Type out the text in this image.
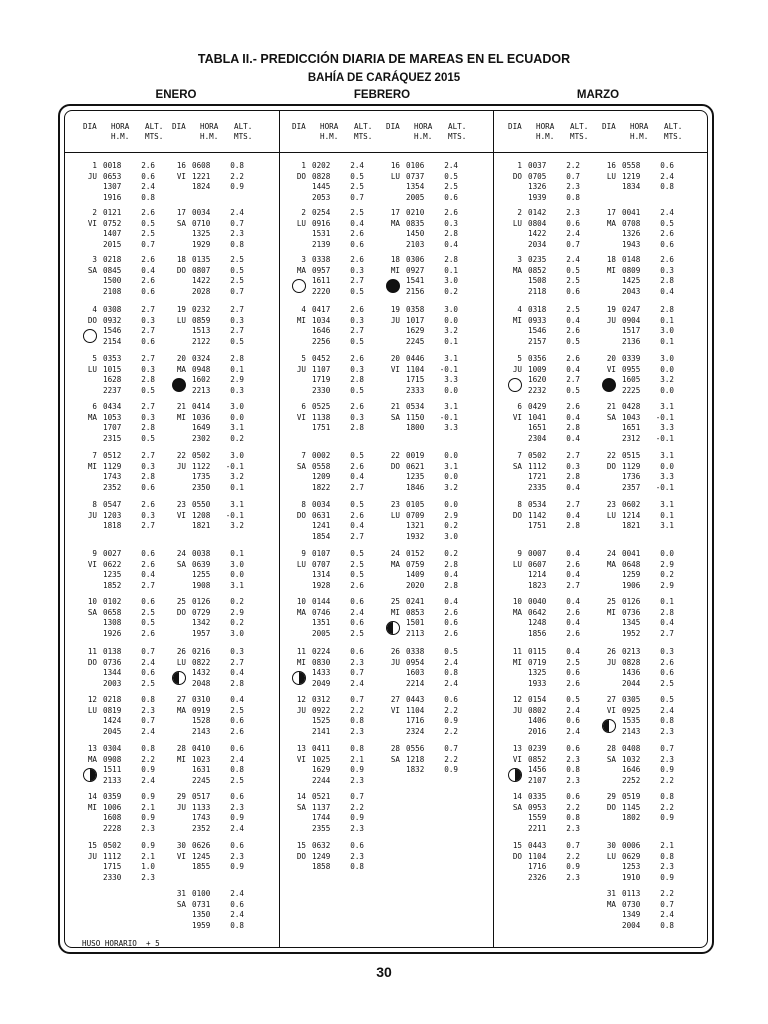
TABLA II.- PREDICCIÓN DIARIA DE MAREAS EN EL ECUADOR
BAHÍA DE CARÁQUEZ 2015
ENERO	FEBRERO	MARZO
DIA HORA
H.M.
ALT.
MTS.
DIA HORA
H.M.
ALT.
MTS.
DIA HORA
H.M.
ALT.
MTS.
DIA HORA
H.M.
ALT.
MTS.
DIA HORA
H.M.
ALT.
MTS.
DIA HORA
H.M.
ALT.
MTS.
1 0018	2.6
JU 0653	0.6
1307	2.4
1916	0.8
2 0121	2.6
VI 0752	0.5
1407	2.5
2015	0.7
3 0218	2.6
SA 0845	0.4
1500	2.6
2108	0.6
4 0308	2.7
DO 0932	0.3
1546	2.7
2154	0.6
5 0353	2.7
LU 1015	0.3
1628	2.8
2237	0.5
6 0434	2.7
MA 1053	0.3
1707	2.8
2315	0.5
7 0512	2.7
MI 1129	0.3
1743	2.8
2352	0.6
8 0547	2.6
JU 1203	0.3
1818	2.7
9 0027	0.6
VI 0622	2.6
1235	0.4
1852	2.7
10 0102	0.6
SA 0658	2.5
1308	0.5
1926	2.6
11 0138	0.7
DO 0736	2.4
1344	0.6
2003	2.5
12 0218	0.8
LU 0819	2.3
1424	0.7
2045	2.4
13 0304	0.8
MA 0908	2.2
1511	0.9
2133	2.4
14 0359	0.9
MI 1006	2.1
1608	0.9
2228	2.3
15 0502	0.9
JU 1112	2.1
1715	1.0
2330	2.3
16 0608	0.8
VI 1221	2.2
1824	0.9
17 0034	2.4
SA 0710	0.7
1325	2.3
1929	0.8
18 0135	2.5
DO 0807	0.5
1422	2.5
2028	0.7
19 0232	2.7
LU 0859	0.3
1513	2.7
2122	0.5
20 0324	2.8
MA 0948	0.1
1602	2.9
2213	0.3
21 0414	3.0
MI 1036	0.0
1649	3.1
2302	0.2
22 0502	3.0
JU 1122	-0.1
1735	3.2
2350	0.1
23 0550	3.1
VI 1208	-0.1
1821	3.2
24 0038	0.1
SA 0639	3.0
1255	0.0
1908	3.1
25 0126	0.2
DO 0729	2.9
1342	0.2
1957	3.0
26 0216	0.3
LU 0822	2.7
1432	0.4
2048	2.8
27 0310	0.4
MA 0919	2.5
1528	0.6
2143	2.6
28 0410	0.6
MI 1023	2.4
1631	0.8
2245	2.5
29 0517	0.6
JU 1133	2.3
1743	0.9
2352	2.4
30 0626	0.6
VI 1245	2.3
1855	0.9
31 0100	2.4
SA 0731	0.6
1350	2.4
1959	0.8
1 0202	2.4
DO 0828	0.5
1445	2.5
2053	0.7
2 0254	2.5
LU 0916	0.4
1531	2.6
2139	0.6
3 0338	2.6
MA 0957	0.3
1611	2.7
2220	0.5
4 0417	2.6
MI 1034	0.3
1646	2.7
2256	0.5
5 0452	2.6
JU 1107	0.3
1719	2.8
2330	0.5
6 0525	2.6
VI 1138	0.3
1751	2.8
7 0002	0.5
SA 0558	2.6
1209	0.4
1822	2.7
8 0034	0.5
DO 0631	2.6
1241	0.4
1854	2.7
9 0107	0.5
LU 0707	2.5
1314	0.5
1928	2.6
10 0144	0.6
MA 0746	2.4
1351	0.6
2005	2.5
11 0224	0.6
MI 0830	2.3
1433	0.7
2049	2.4
12 0312	0.7
JU 0922	2.2
1525	0.8
2141	2.3
13 0411	0.8
VI 1025	2.1
1629	0.9
2244	2.3
14 0521	0.7
SA 1137	2.2
1744	0.9
2355	2.3
15 0632	0.6
DO 1249	2.3
1858	0.8
16 0106	2.4
LU 0737	0.5
1354	2.5
2005	0.6
17 0210	2.6
MA 0835	0.3
1450	2.8
2103	0.4
18 0306	2.8
MI 0927	0.1
1541	3.0
2156	0.2
19 0358	3.0
JU 1017	0.0
1629	3.2
2245	0.1
20 0446	3.1
VI 1104	-0.1
1715	3.3
2333	0.0
21 0534	3.1
SA 1150	-0.1
1800	3.3
22 0019	0.0
DO 0621	3.1
1235	0.0
1846	3.2
23 0105	0.0
LU 0709	2.9
1321	0.2
1932	3.0
24 0152	0.2
MA 0759	2.8
1409	0.4
2020	2.8
25 0241	0.4
MI 0853	2.6
1501	0.6
2113	2.6
26 0338	0.5
JU 0954	2.4
1603	0.8
2214	2.4
27 0443	0.6
VI 1104	2.2
1716	0.9
2324	2.2
28 0556	0.7
SA 1218	2.2
1832	0.9
1 0037	2.2
DO 0705	0.7
1326	2.3
1939	0.8
2 0142	2.3
LU 0804	0.6
1422	2.4
2034	0.7
3 0235	2.4
MA 0852	0.5
1508	2.5
2118	0.6
4 0318	2.5
MI 0933	0.4
1546	2.6
2157	0.5
5 0356	2.6
JU 1009	0.4
1620	2.7
2232	0.5
6 0429	2.6
VI 1041	0.4
1651	2.8
2304	0.4
7 0502	2.7
SA 1112	0.3
1721	2.8
2335	0.4
8 0534	2.7
DO 1142	0.4
1751	2.8
9 0007	0.4
LU 0607	2.6
1214	0.4
1823	2.7
10 0040	0.4
MA 0642	2.6
1248	0.4
1856	2.6
11 0115	0.4
MI 0719	2.5
1325	0.6
1933	2.6
12 0154	0.5
JU 0802	2.4
1406	0.6
2016	2.4
13 0239	0.6
VI 0852	2.3
1456	0.8
2107	2.3
14 0335	0.6
SA 0953	2.2
1559	0.8
2211	2.3
15 0443	0.7
DO 1104	2.2
1716	0.9
2326	2.3
16 0558	0.6
LU 1219	2.4
1834	0.8
17 0041	2.4
MA 0708	0.5
1326	2.6
1943	0.6
18 0148	2.6
MI 0809	0.3
1425	2.8
2043	0.4
19 0247	2.8
JU 0904	0.1
1517	3.0
2136	0.1
20 0339	3.0
VI 0955	0.0
1605	3.2
2225	0.0
21 0428	3.1
SA 1043	-0.1
1651	3.3
2312	-0.1
22 0515	3.1
DO 1129	0.0
1736	3.3
2357	-0.1
23 0602	3.1
LU 1214	0.1
1821	3.1
24 0041	0.0
MA 0648	2.9
1259	0.2
1906	2.9
25 0126	0.1
MI 0736	2.8
1345	0.4
1952	2.7
26 0213	0.3
JU 0828	2.6
1436	0.6
2044	2.5
27 0305	0.5
VI 0925	2.4
1535	0.8
2143	2.3
28 0408	0.7
SA 1032	2.3
1646	0.9
2252	2.2
29 0519	0.8
DO 1145	2.2
1802	0.9
30 0006	2.1
LU 0629	0.8
1253	2.3
1910	0.9
31 0113	2.2
MA 0730	0.7
1349	2.4
2004	0.8
HUSO HORARIO  + 5
30
